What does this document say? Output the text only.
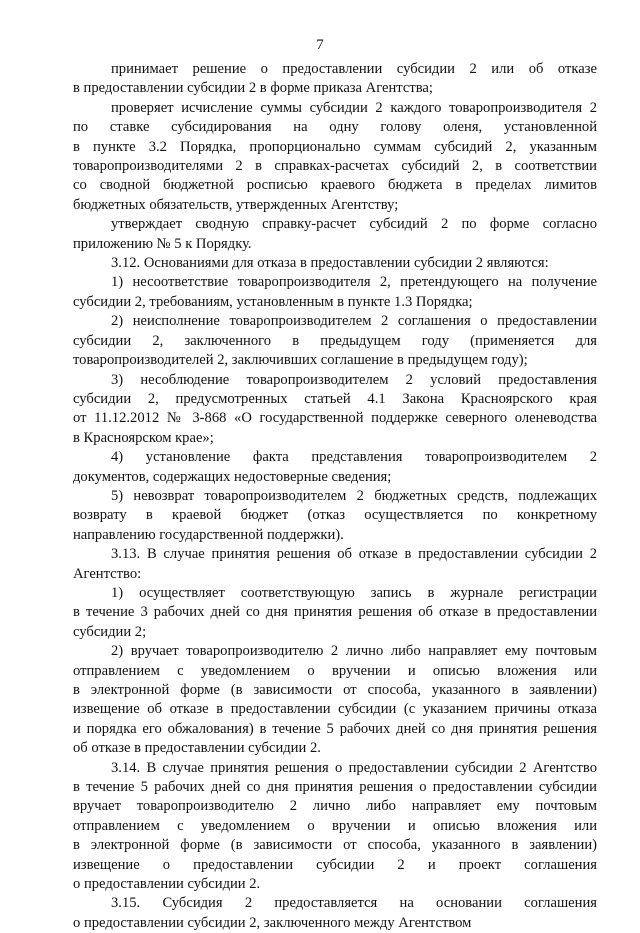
7
принимает решение о предоставлении субсидии 2 или об отказе
в предоставлении субсидии 2 в форме приказа Агентства;
проверяет исчисление суммы субсидии 2 каждого товаропроизводителя 2
по ставке субсидирования на одну голову оленя, установленной
в пункте 3.2 Порядка, пропорционально суммам субсидий 2, указанным
товаропроизводителями 2 в справках-расчетах субсидий 2, в соответствии
со сводной бюджетной росписью краевого бюджета в пределах лимитов
бюджетных обязательств, утвержденных Агентству;
утверждает сводную справку-расчет субсидий 2 по форме согласно
приложению № 5 к Порядку.
3.12. Основаниями для отказа в предоставлении субсидии 2 являются:
1) несоответствие товаропроизводителя 2, претендующего на получение
субсидии 2, требованиям, установленным в пункте 1.3 Порядка;
2) неисполнение товаропроизводителем 2 соглашения о предоставлении
субсидии 2, заключенного в предыдущем году (применяется для
товаропроизводителей 2, заключивших соглашение в предыдущем году);
3) несоблюдение товаропроизводителем 2 условий предоставления
субсидии 2, предусмотренных статьей 4.1 Закона Красноярского края
от 11.12.2012 № 3-868 «О государственной поддержке северного оленеводства
в Красноярском крае»;
4) установление факта представления товаропроизводителем 2
документов, содержащих недостоверные сведения;
5) невозврат товаропроизводителем 2 бюджетных средств, подлежащих
возврату в краевой бюджет (отказ осуществляется по конкретному
направлению государственной поддержки).
3.13. В случае принятия решения об отказе в предоставлении субсидии 2
Агентство:
1) осуществляет соответствующую запись в журнале регистрации
в течение 3 рабочих дней со дня принятия решения об отказе в предоставлении
субсидии 2;
2) вручает товаропроизводителю 2 лично либо направляет ему почтовым
отправлением с уведомлением о вручении и описью вложения или
в электронной форме (в зависимости от способа, указанного в заявлении)
извещение об отказе в предоставлении субсидии (с указанием причины отказа
и порядка его обжалования) в течение 5 рабочих дней со дня принятия решения
об отказе в предоставлении субсидии 2.
3.14. В случае принятия решения о предоставлении субсидии 2 Агентство
в течение 5 рабочих дней со дня принятия решения о предоставлении субсидии
вручает товаропроизводителю 2 лично либо направляет ему почтовым
отправлением с уведомлением о вручении и описью вложения или
в электронной форме (в зависимости от способа, указанного в заявлении)
извещение о предоставлении субсидии 2 и проект соглашения
о предоставлении субсидии 2.
3.15. Субсидия 2 предоставляется на основании соглашения
о предоставлении субсидии 2, заключенного между Агентством
